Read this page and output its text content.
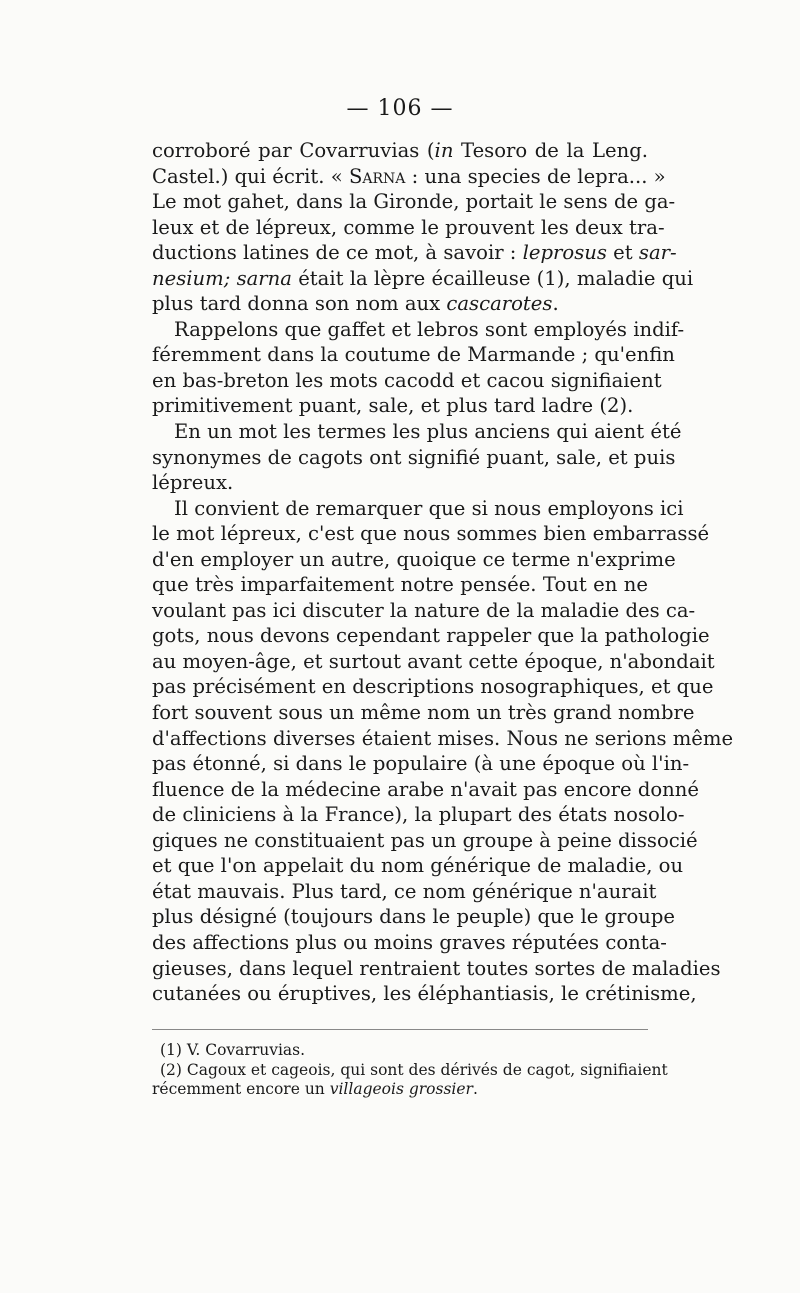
— 106 —
corroboré par Covarruvias (in Tesoro de la Leng.
Castel.) qui écrit. « Sarna : una species de lepra... »
Le mot gahet, dans la Gironde, portait le sens de ga-
leux et de lépreux, comme le prouvent les deux tra-
ductions latines de ce mot, à savoir : leprosus et sar-
nesium; sarna était la lèpre écailleuse (1), maladie qui
plus tard donna son nom aux cascarotes.
Rappelons que gaffet et lebros sont employés indif-
féremment dans la coutume de Marmande ; qu'enfin
en bas-breton les mots cacodd et cacou signifiaient
primitivement puant, sale, et plus tard ladre (2).
En un mot les termes les plus anciens qui aient été
synonymes de cagots ont signifié puant, sale, et puis
lépreux.
Il convient de remarquer que si nous employons ici
le mot lépreux, c'est que nous sommes bien embarrassé
d'en employer un autre, quoique ce terme n'exprime
que très imparfaitement notre pensée. Tout en ne
voulant pas ici discuter la nature de la maladie des ca-
gots, nous devons cependant rappeler que la pathologie
au moyen-âge, et surtout avant cette époque, n'abondait
pas précisément en descriptions nosographiques, et que
fort souvent sous un même nom un très grand nombre
d'affections diverses étaient mises. Nous ne serions même
pas étonné, si dans le populaire (à une époque où l'in-
fluence de la médecine arabe n'avait pas encore donné
de cliniciens à la France), la plupart des états nosolo-
giques ne constituaient pas un groupe à peine dissocié
et que l'on appelait du nom générique de maladie, ou
état mauvais. Plus tard, ce nom générique n'aurait
plus désigné (toujours dans le peuple) que le groupe
des affections plus ou moins graves réputées conta-
gieuses, dans lequel rentraient toutes sortes de maladies
cutanées ou éruptives, les éléphantiasis, le crétinisme,
(1) V. Covarruvias.
(2) Cagoux et cageois, qui sont des dérivés de cagot, signifiaient
récemment encore un villageois grossier.
